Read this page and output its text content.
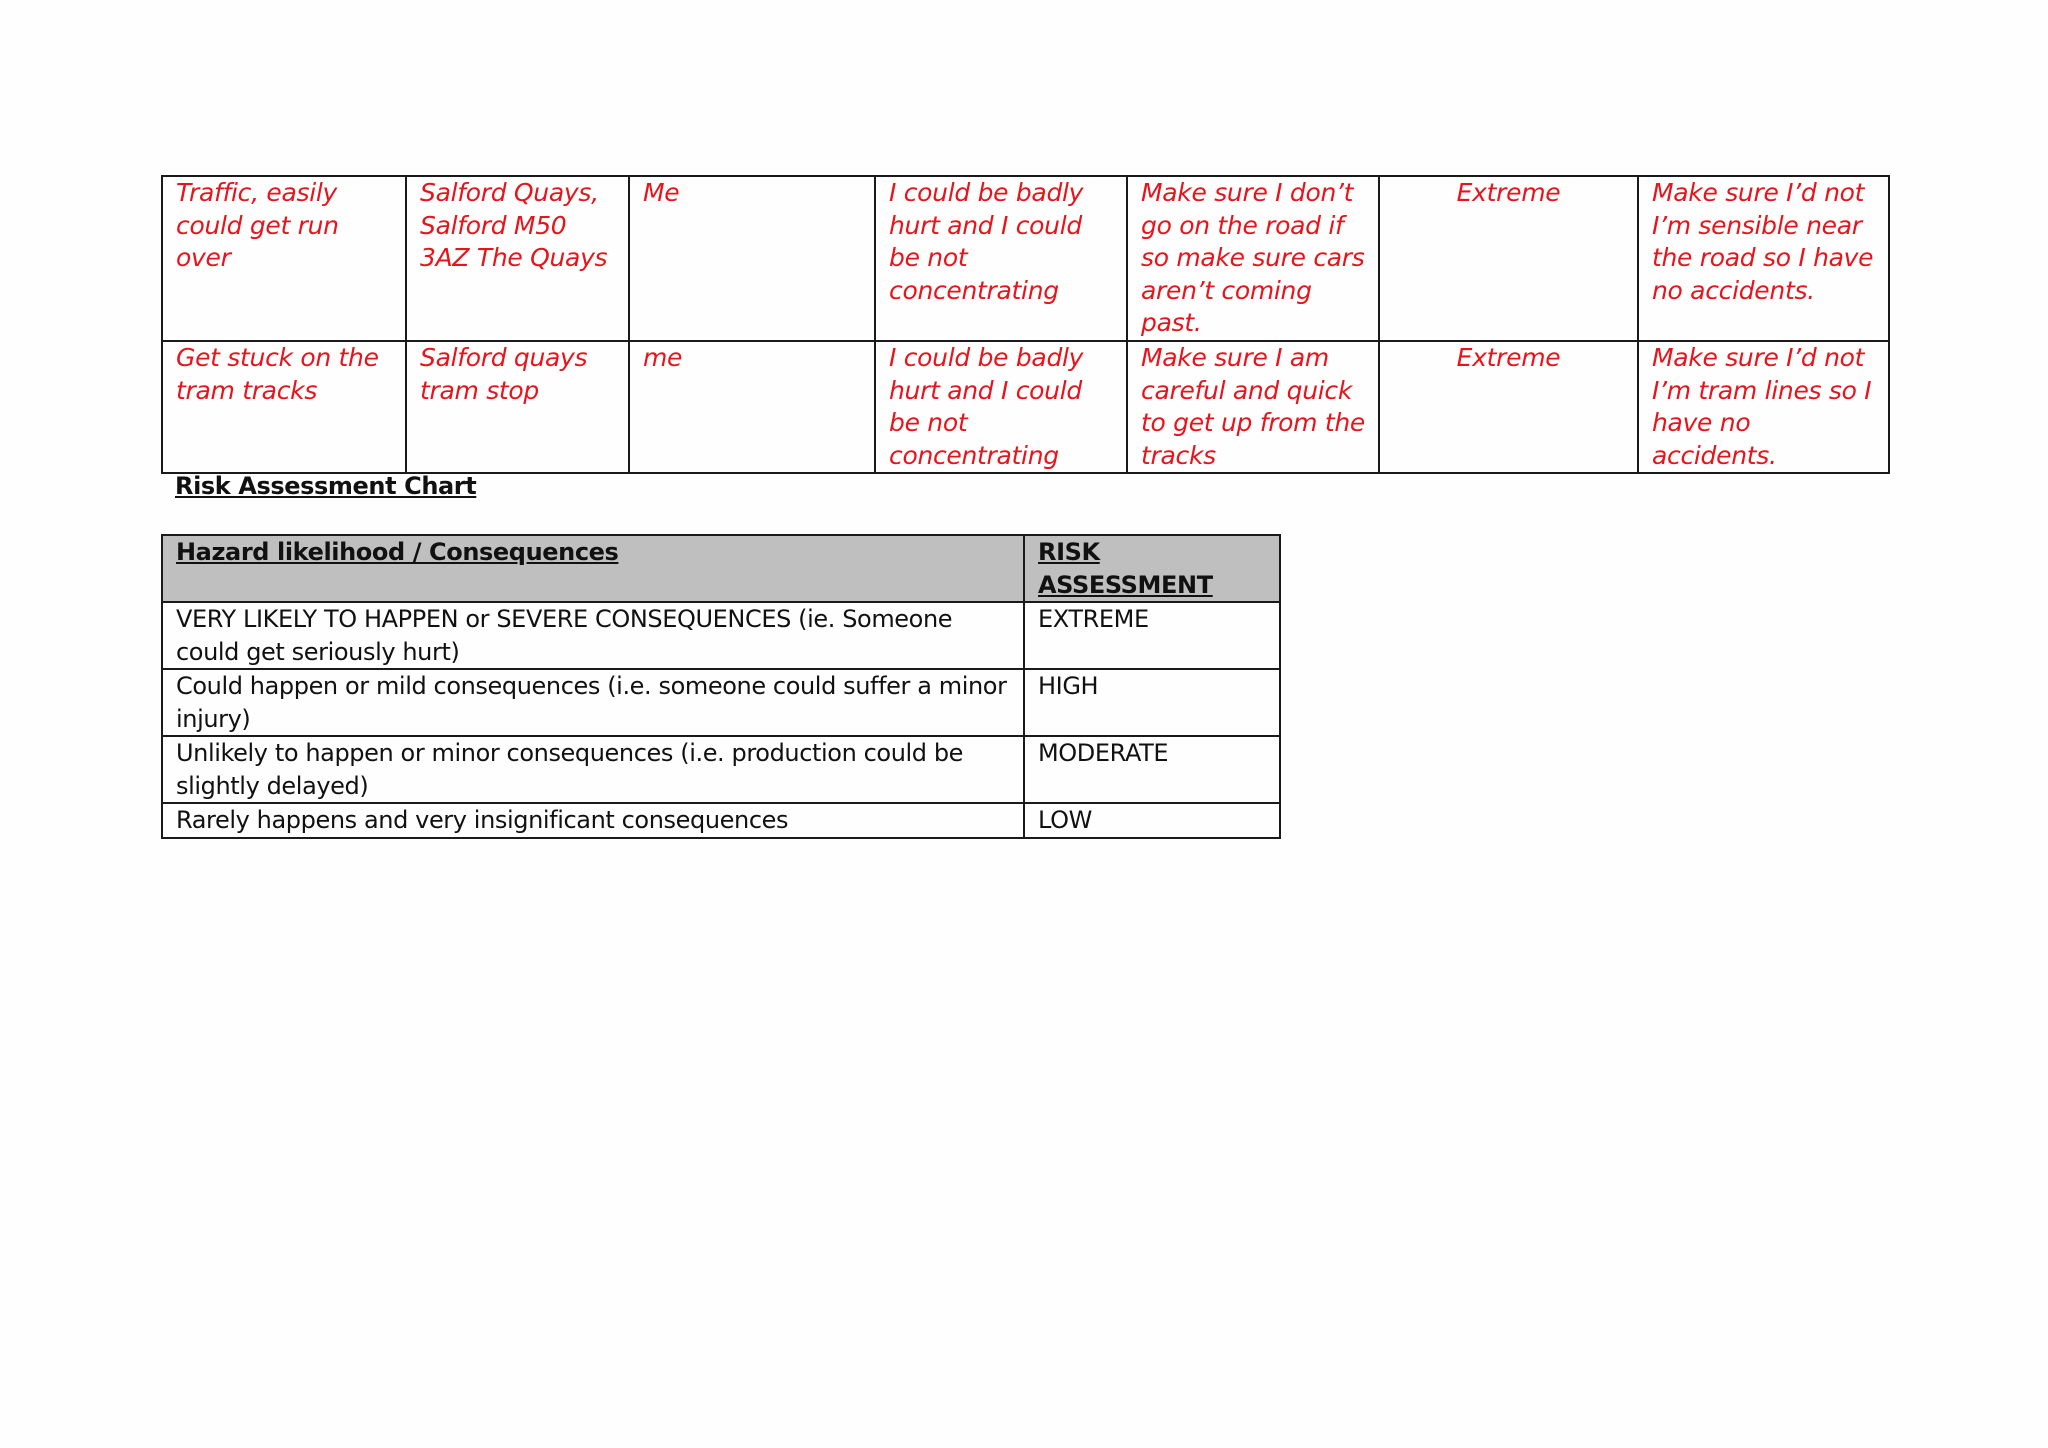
Traffic, easily could get run over	Salford Quays, Salford M50 3AZ The Quays	Me	I could be badly hurt and I could be not concentrating	Make sure I don’t go on the road if so make sure cars aren’t coming past.	Extreme	Make sure I’d not I’m sensible near the road so I have no accidents.
Get stuck on the tram tracks	Salford quays tram stop	me	I could be badly hurt and I could be not concentrating	Make sure I am careful and quick to get up from the tracks	Extreme	Make sure I’d not I’m tram lines so I have no accidents.
Risk Assessment Chart
Hazard likelihood / Consequences	RISK ASSESSMENT
VERY LIKELY TO HAPPEN or SEVERE CONSEQUENCES (ie. Someone could get seriously hurt)	EXTREME
Could happen or mild consequences (i.e. someone could suffer a minor injury)	HIGH
Unlikely to happen or minor consequences (i.e. production could be slightly delayed)	MODERATE
Rarely happens and very insignificant consequences	LOW
